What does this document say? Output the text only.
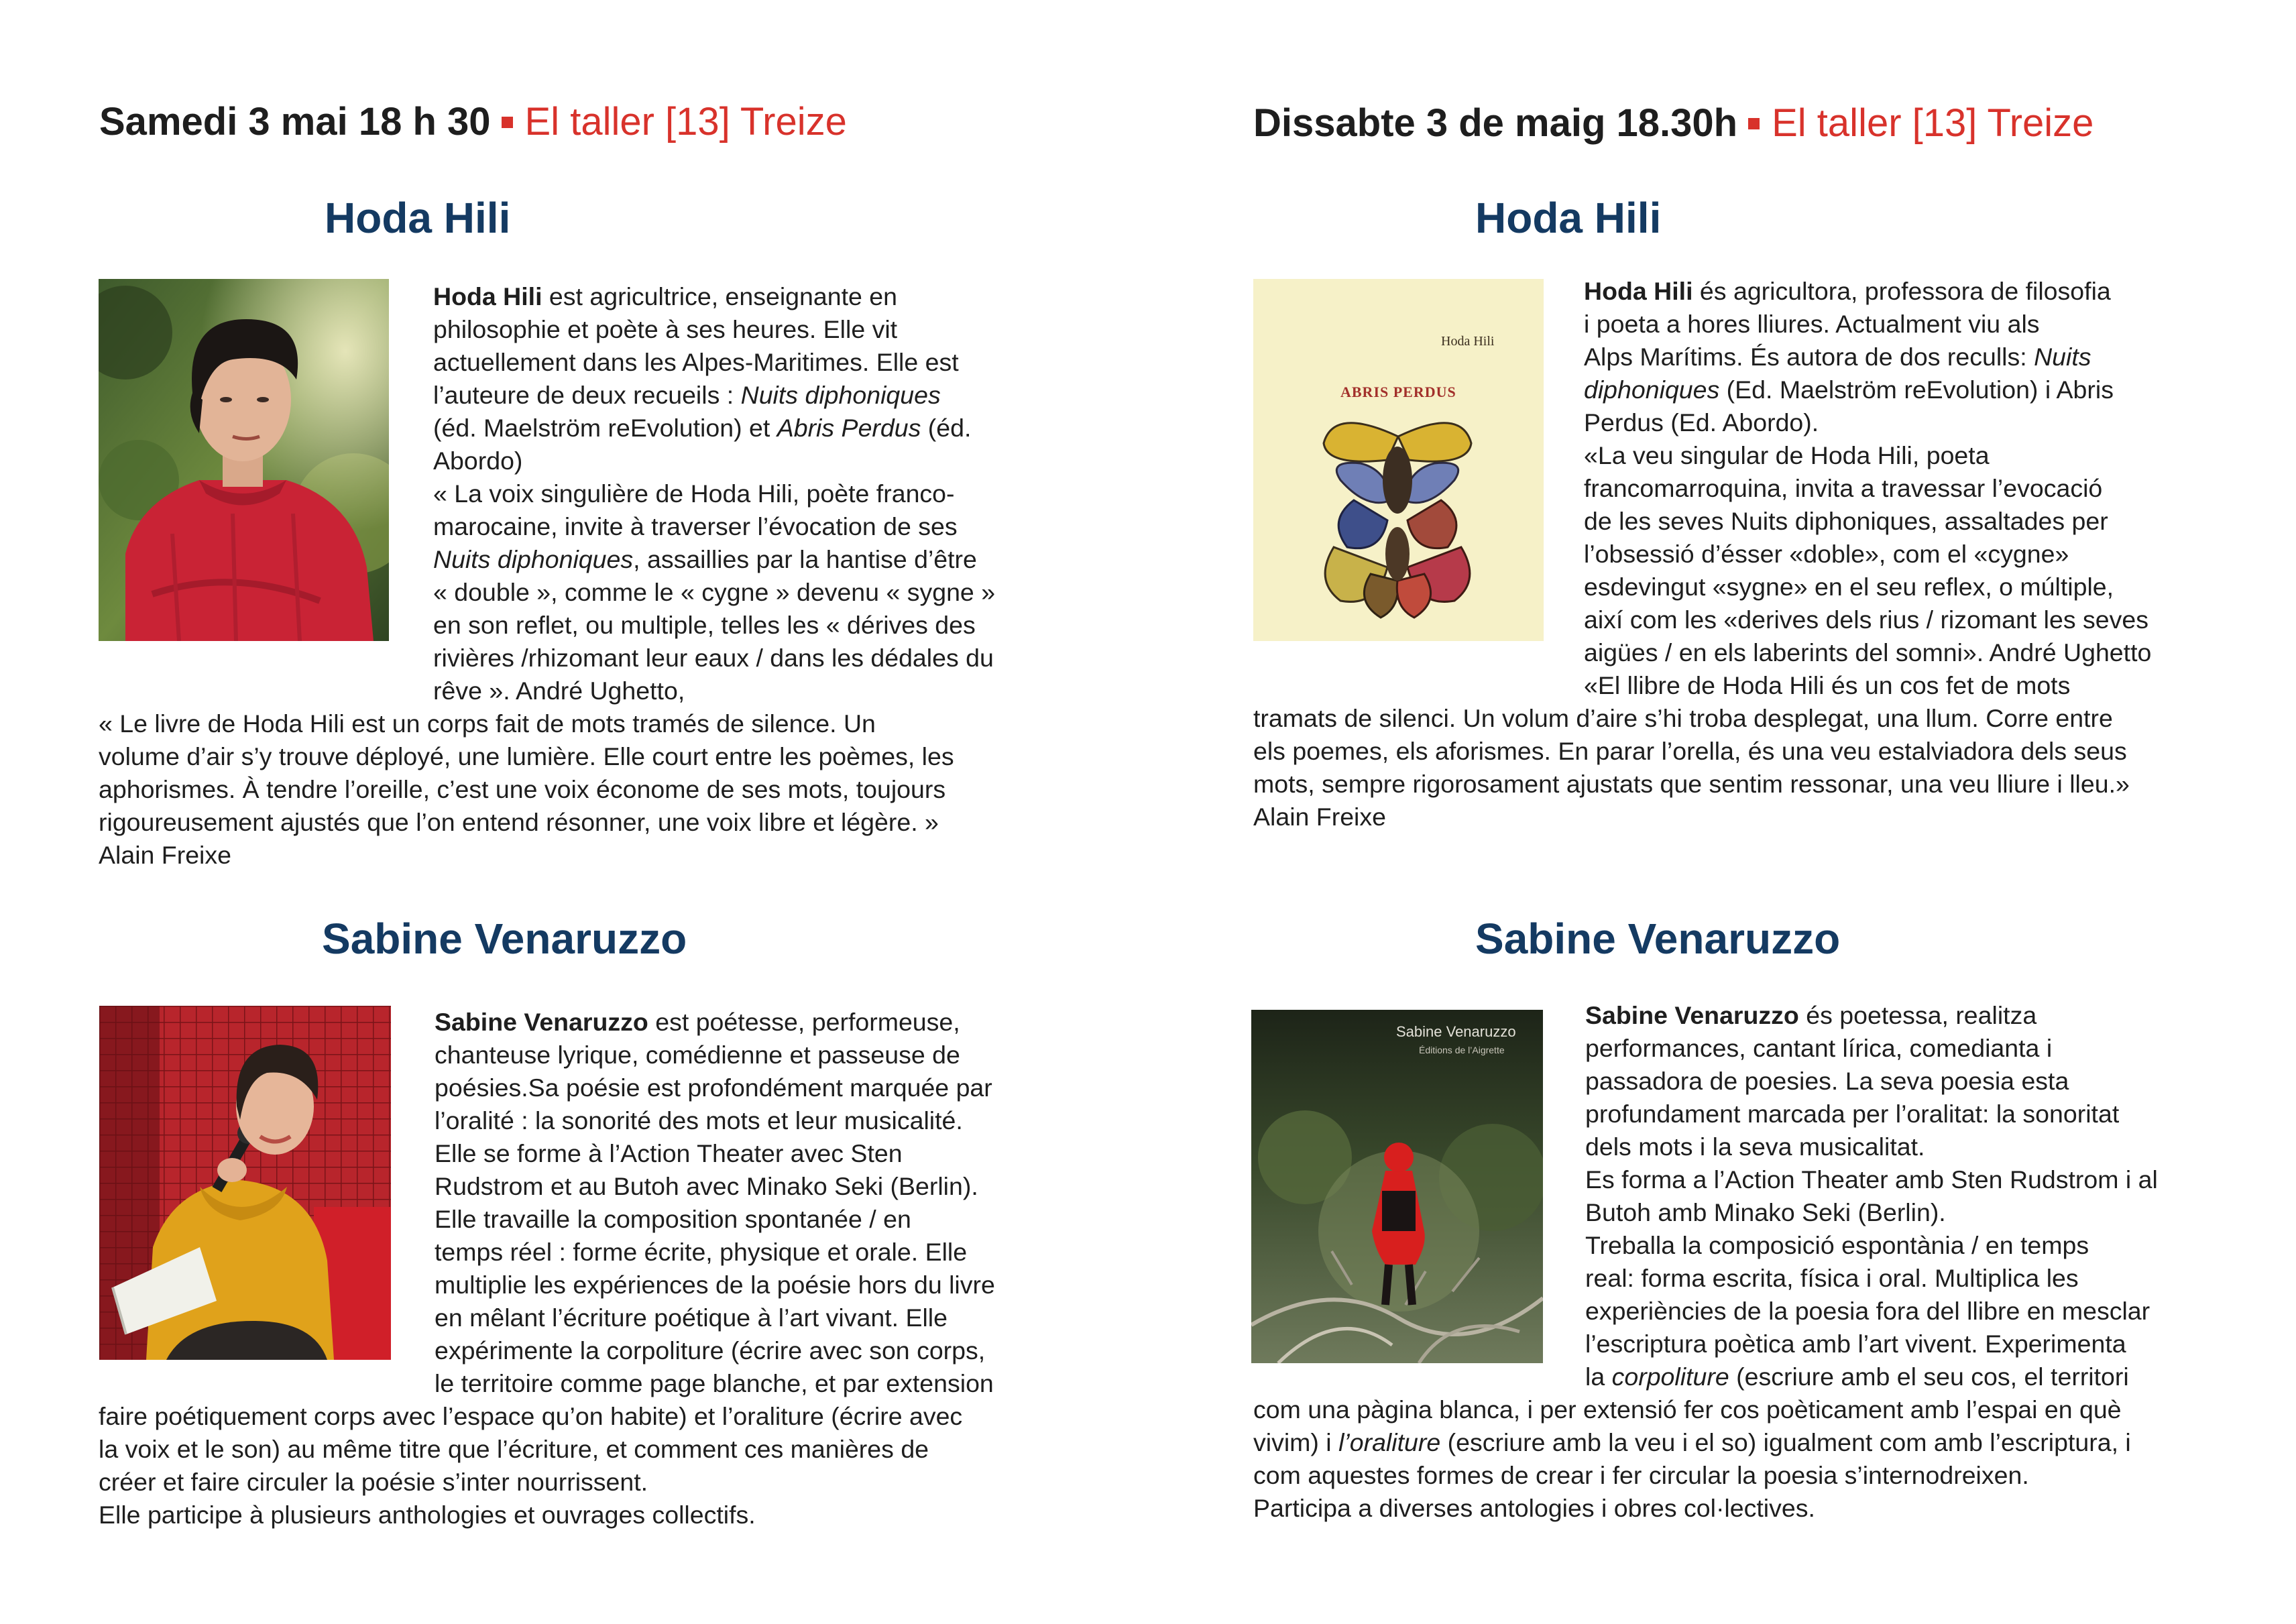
Samedi 3 mai 18 h 30 El taller [13] Treize
Hoda Hili
Hoda Hili est agricultrice, enseignante en
philosophie et poète à ses heures. Elle vit
actuellement dans les Alpes-Maritimes. Elle est
l’auteure de deux recueils : Nuits diphoniques
(éd. Maelström reEvolution) et Abris Perdus (éd.
Abordo)
« La voix singulière de Hoda Hili, poète franco-
marocaine, invite à traverser l’évocation de ses
Nuits diphoniques, assaillies par la hantise d’être
« double », comme le « cygne » devenu « sygne »
en son reflet, ou multiple, telles les « dérives des
rivières /rhizomant leur eaux / dans les dédales du
rêve ». André Ughetto,
« Le livre de Hoda Hili est un corps fait de mots tramés de silence. Un
volume d’air s’y trouve déployé, une lumière. Elle court entre les poèmes, les
aphorismes. À tendre l’oreille, c’est une voix économe de ses mots, toujours
rigoureusement ajustés que l’on entend résonner, une voix libre et légère. »
Alain Freixe
Sabine Venaruzzo
Sabine Venaruzzo est poétesse, performeuse,
chanteuse lyrique, comédienne et passeuse de
poésies.Sa poésie est profondément marquée par
l’oralité : la sonorité des mots et leur musicalité.
Elle se forme à l’Action Theater avec Sten
Rudstrom et au Butoh avec Minako Seki (Berlin).
Elle travaille la composition spontanée / en
temps réel : forme écrite, physique et orale. Elle
multiplie les expériences de la poésie hors du livre
en mêlant l’écriture poétique à l’art vivant. Elle
expérimente la corpoliture (écrire avec son corps,
le territoire comme page blanche, et par extension
faire poétiquement corps avec l’espace qu’on habite) et l’oraliture (écrire avec
la voix et le son) au même titre que l’écriture, et comment ces manières de
créer et faire circuler la poésie s’inter nourrissent.
Elle participe à plusieurs anthologies et ouvrages collectifs.
Dissabte 3 de maig 18.30h El taller [13] Treize
Hoda Hili
Hoda Hili
ABRIS PERDUS
Hoda Hili és agricultora, professora de filosofia
i poeta a hores lliures. Actualment viu als
Alps Marítims. És autora de dos reculls: Nuits
diphoniques (Ed. Maelström reEvolution) i Abris
Perdus (Ed. Abordo).
«La veu singular de Hoda Hili, poeta
francomarroquina, invita a travessar l’evocació
de les seves Nuits diphoniques, assaltades per
l’obsessió d’ésser «doble», com el «cygne»
esdevingut «sygne» en el seu reflex, o múltiple,
així com les «derives dels rius / rizomant les seves
aigües / en els laberints del somni». André Ughetto
«El llibre de Hoda Hili és un cos fet de mots
tramats de silenci. Un volum d’aire s’hi troba desplegat, una llum. Corre entre
els poemes, els aforismes. En parar l’orella, és una veu estalviadora dels seus
mots, sempre rigorosament ajustats que sentim ressonar, una veu lliure i lleu.»
Alain Freixe
Sabine Venaruzzo
Sabine Venaruzzo
Éditions de l’Aigrette
Sabine Venaruzzo és poetessa, realitza
performances, cantant lírica, comedianta i
passadora de poesies. La seva poesia esta
profundament marcada per l’oralitat: la sonoritat
dels mots i la seva musicalitat.
Es forma a l’Action Theater amb Sten Rudstrom i al
Butoh amb Minako Seki (Berlin).
Treballa la composició espontània / en temps
real: forma escrita, física i oral. Multiplica les
experiències de la poesia fora del llibre en mesclar
l’escriptura poètica amb l’art vivent. Experimenta
la corpoliture (escriure amb el seu cos, el territori
com una pàgina blanca, i per extensió fer cos poèticament amb l’espai en què
vivim) i l’oraliture (escriure amb la veu i el so) igualment com amb l’escriptura, i
com aquestes formes de crear i fer circular la poesia s’internodreixen.
Participa a diverses antologies i obres col·lectives.
